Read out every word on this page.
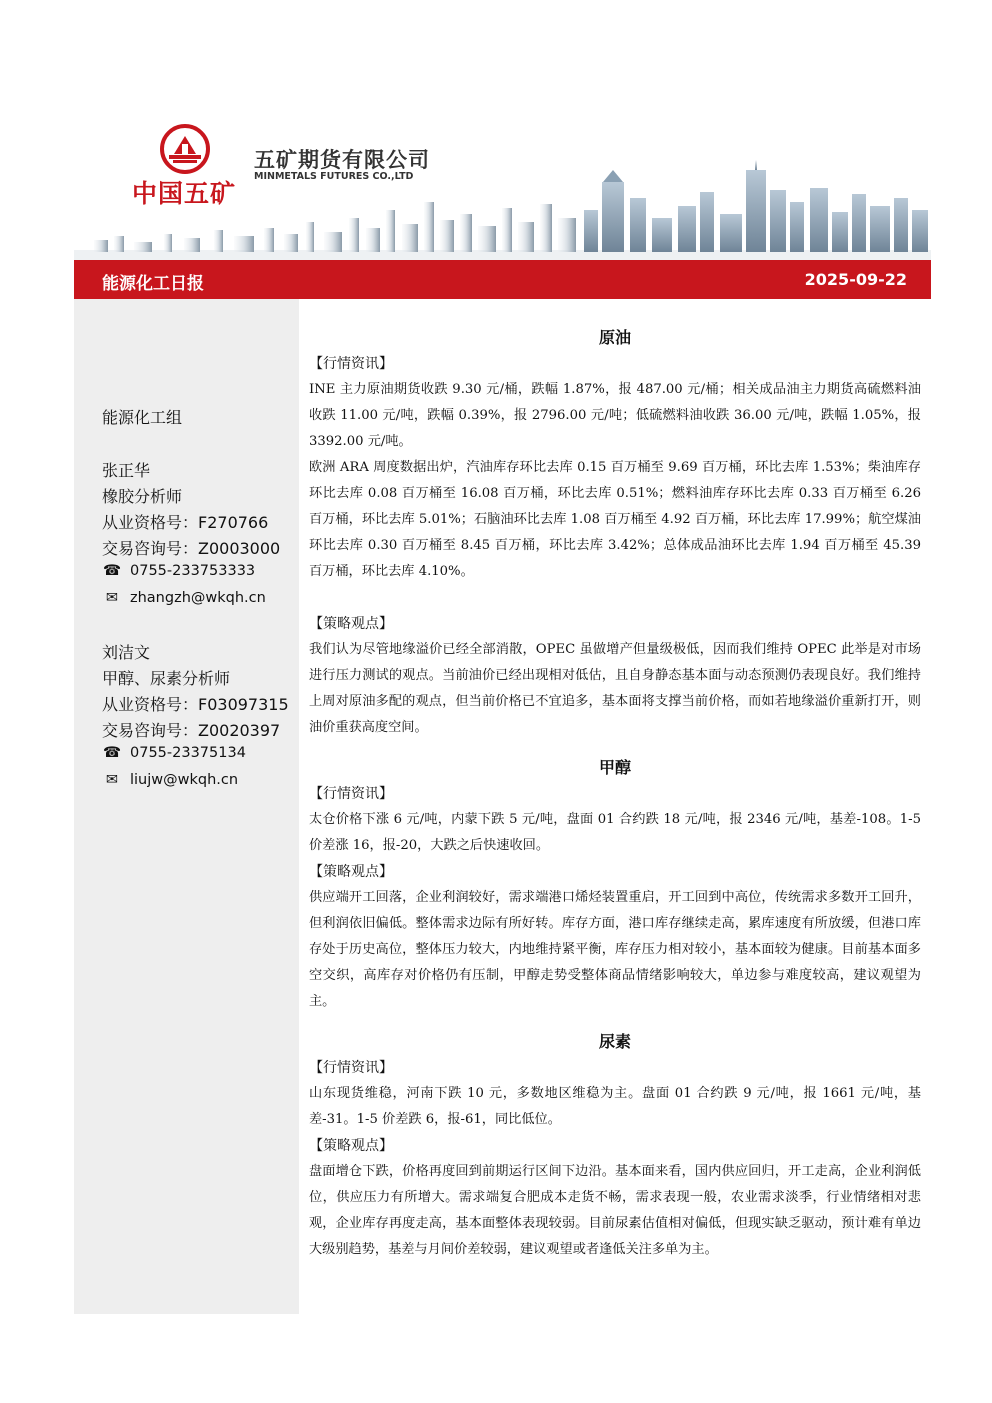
中国五矿
五矿期货有限公司
MINMETALS FUTURES CO.,LTD
能源化工日报	2025-09-22
能源化工组
张正华
橡胶分析师
从业资格号：F270766
交易咨询号：Z0003000
☎ 0755-233753333
✉ zhangzh@wkqh.cn
刘洁文
甲醇、尿素分析师
从业资格号：F03097315
交易咨询号：Z0020397
☎ 0755-23375134
✉ liujw@wkqh.cn
原油

【行情资讯】

INE 主力原油期货收跌 9.30 元/桶，跌幅 1.87%，报 487.00 元/桶；相关成品油主力期货高硫燃料油收跌 11.00 元/吨，跌幅 0.39%，报 2796.00 元/吨；低硫燃料油收跌 36.00 元/吨，跌幅 1.05%，报 3392.00 元/吨。

欧洲 ARA 周度数据出炉，汽油库存环比去库 0.15 百万桶至 9.69 百万桶，环比去库 1.53%；柴油库存环比去库 0.08 百万桶至 16.08 百万桶，环比去库 0.51%；燃料油库存环比去库 0.33 百万桶至 6.26 百万桶，环比去库 5.01%；石脑油环比去库 1.08 百万桶至 4.92 百万桶，环比去库 17.99%；航空煤油环比去库 0.30 百万桶至 8.45 百万桶，环比去库 3.42%；总体成品油环比去库 1.94 百万桶至 45.39 百万桶，环比去库 4.10%。

【策略观点】

我们认为尽管地缘溢价已经全部消散，OPEC 虽做增产但量级极低，因而我们维持 OPEC 此举是对市场进行压力测试的观点。当前油价已经出现相对低估，且自身静态基本面与动态预测仍表现良好。我们维持上周对原油多配的观点，但当前价格已不宜追多，基本面将支撑当前价格，而如若地缘溢价重新打开，则油价重获高度空间。

甲醇

【行情资讯】

太仓价格下涨 6 元/吨，内蒙下跌 5 元/吨，盘面 01 合约跌 18 元/吨，报 2346 元/吨，基差-108。1-5 价差涨 16，报-20，大跌之后快速收回。

【策略观点】

供应端开工回落，企业利润较好，需求端港口烯烃装置重启，开工回到中高位，传统需求多数开工回升，但利润依旧偏低。整体需求边际有所好转。库存方面，港口库存继续走高，累库速度有所放缓，但港口库存处于历史高位，整体压力较大，内地维持紧平衡，库存压力相对较小，基本面较为健康。目前基本面多空交织，高库存对价格仍有压制，甲醇走势受整体商品情绪影响较大，单边参与难度较高，建议观望为主。

尿素

【行情资讯】

山东现货维稳，河南下跌 10 元，多数地区维稳为主。盘面 01 合约跌 9 元/吨，报 1661 元/吨，基差-31。1-5 价差跌 6，报-61，同比低位。

【策略观点】

盘面增仓下跌，价格再度回到前期运行区间下边沿。基本面来看，国内供应回归，开工走高，企业利润低位，供应压力有所增大。需求端复合肥成本走货不畅，需求表现一般，农业需求淡季，行业情绪相对悲观，企业库存再度走高，基本面整体表现较弱。目前尿素估值相对偏低，但现实缺乏驱动，预计难有单边大级别趋势，基差与月间价差较弱，建议观望或者逢低关注多单为主。
